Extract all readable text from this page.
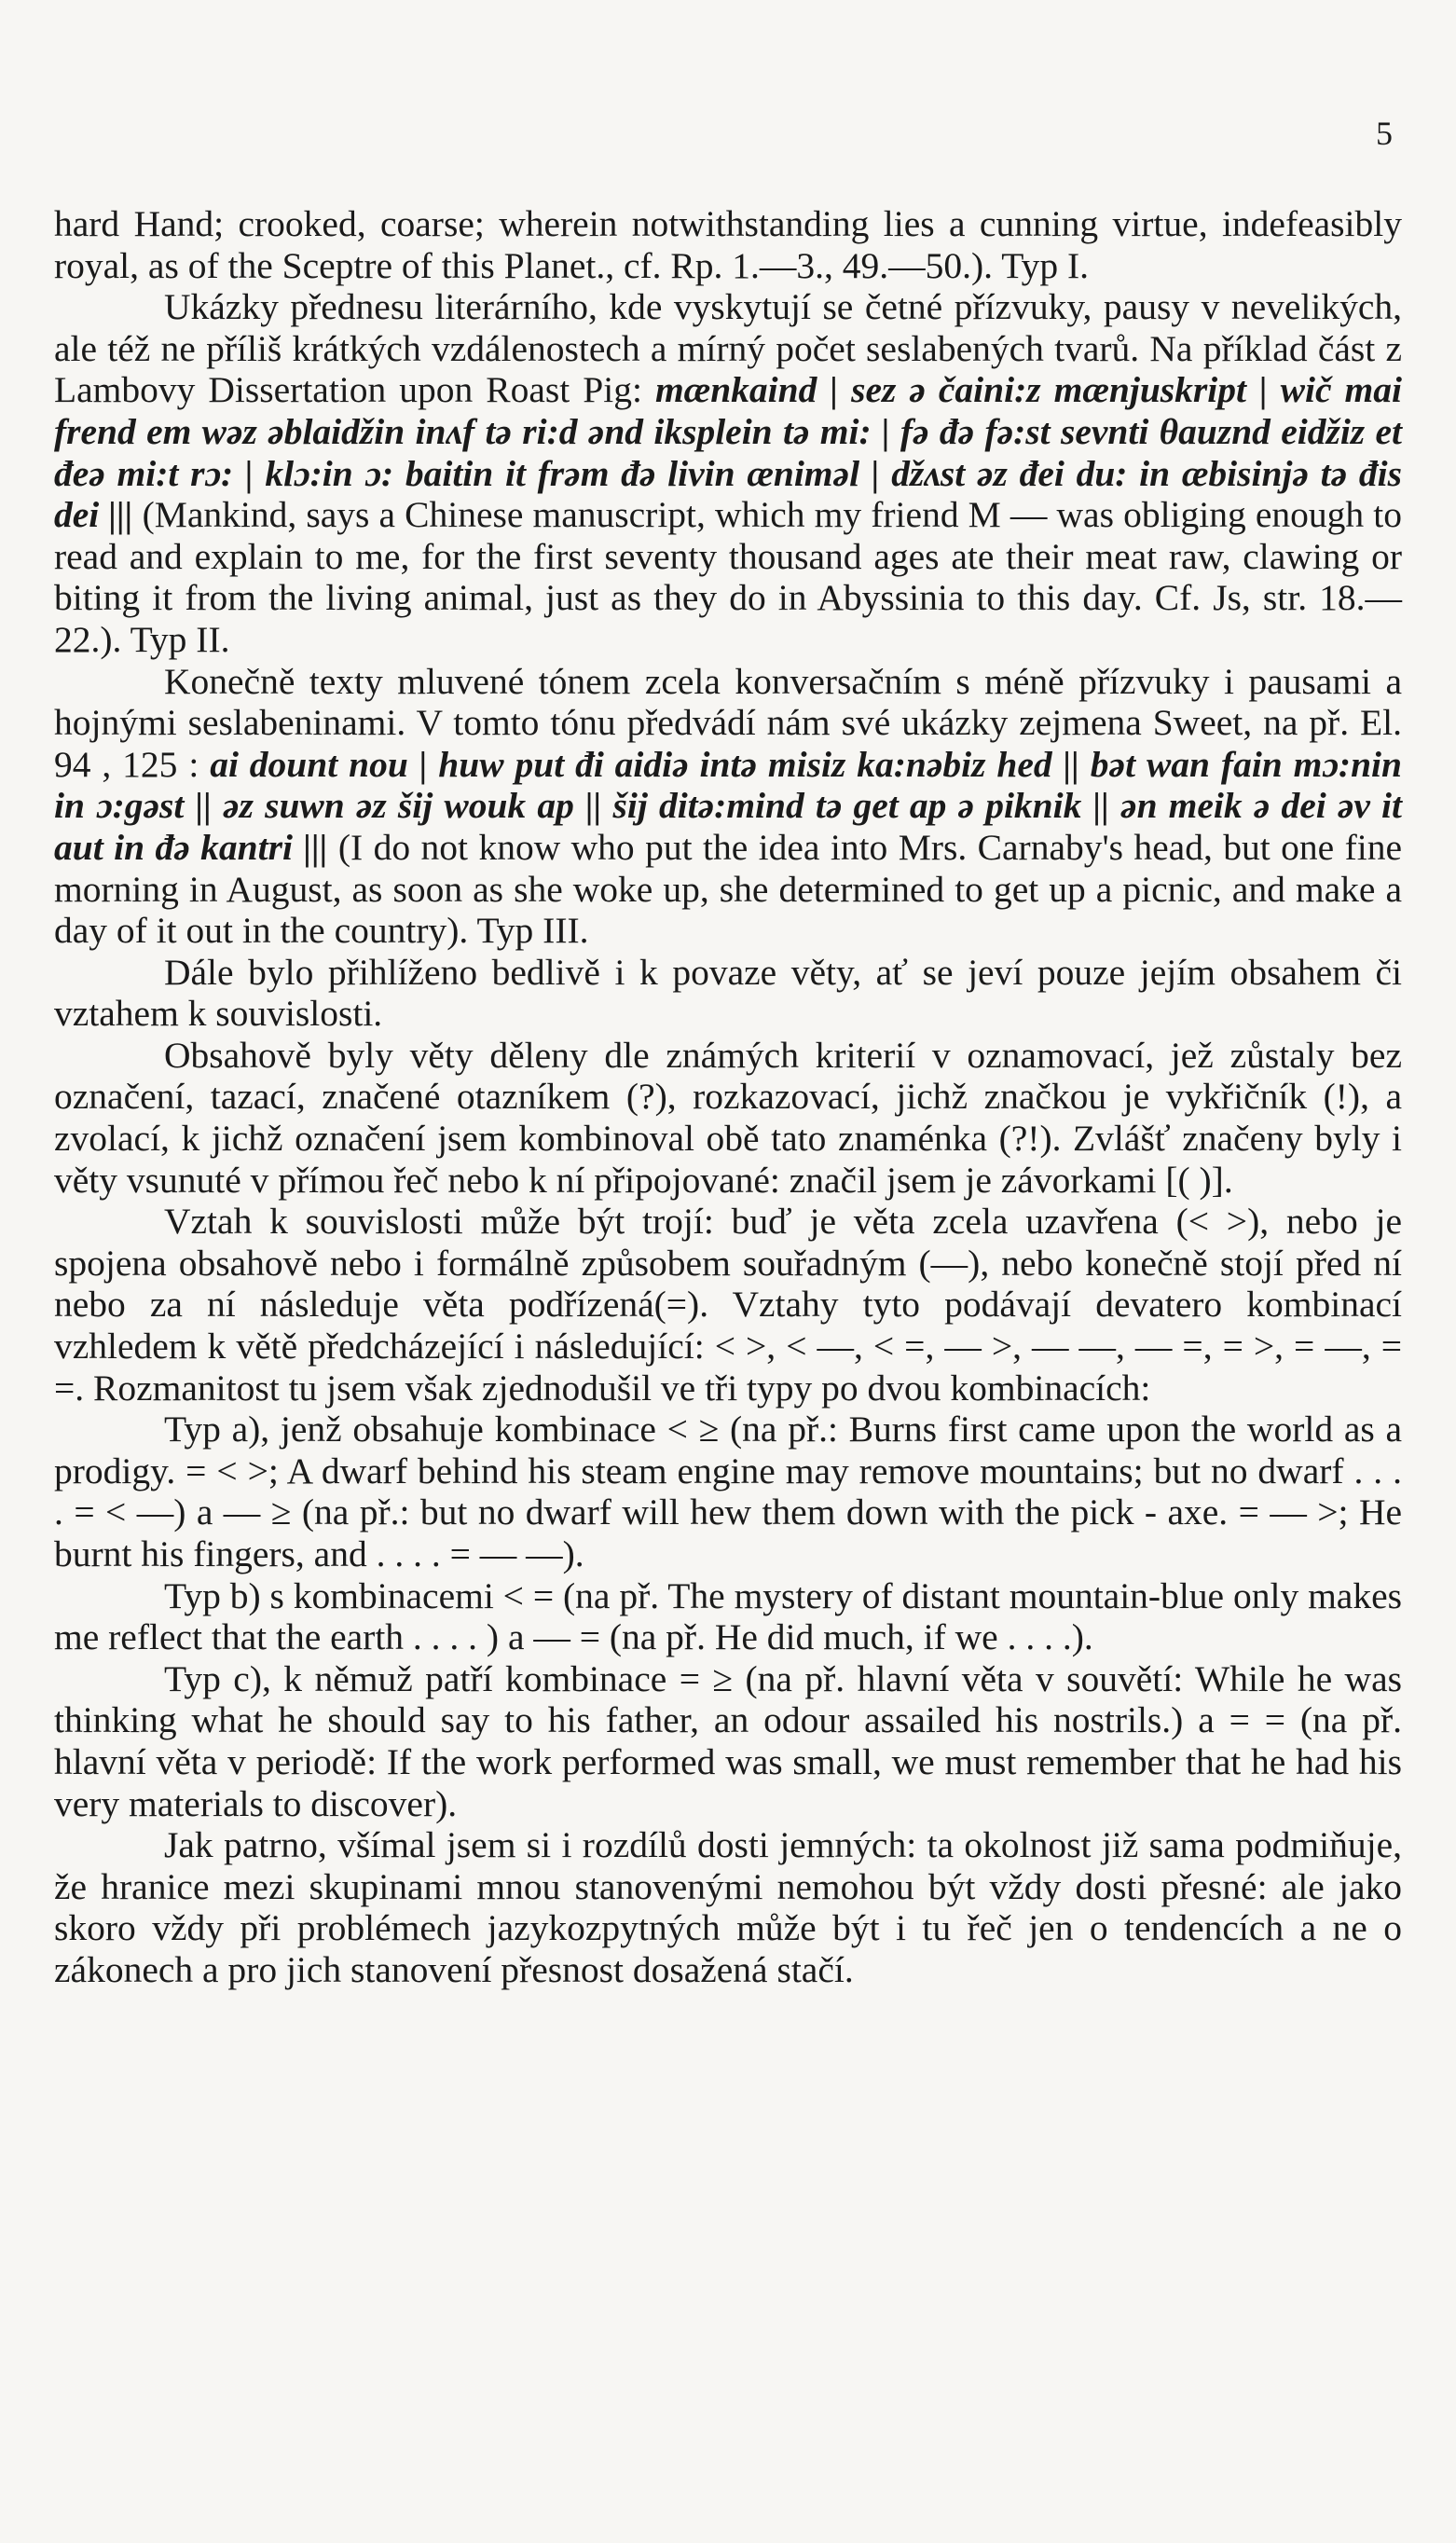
5

hard Hand; crooked, coarse; wherein notwithstanding lies a cunning virtue, indefeasibly royal, as of the Sceptre of this Planet., cf. Rp. 1.—3., 49.—50.). Typ I.

Ukázky přednesu literárního, kde vyskytují se četné přízvuky, pausy v nevelikých, ale též ne příliš krátkých vzdálenostech a mírný počet seslabených tvarů. Na příklad část z Lambovy Dissertation upon Roast Pig: mænkaind | sez ə čaini:z mænjuskript | wič mai frend em wəz əblaidžin inʌf tə ri:d ənd iksplein tə mi: | fə đə fə:st sevnti θauznd eidžiz et đeə mi:t rɔ: | klɔ:in ɔ: baitin it frəm đə livin ænimǝl | džʌst əz đei du: in æbisinjə tə đis dei ||| (Mankind, says a Chinese manuscript, which my friend M — was obliging enough to read and explain to me, for the first seventy thousand ages ate their meat raw, clawing or biting it from the living animal, just as they do in Abyssinia to this day. Cf. Js, str. 18.—22.). Typ II.

Konečně texty mluvené tónem zcela konversačním s méně přízvuky i pausami a hojnými seslabeninami. V tomto tónu předvádí nám své ukázky zejmena Sweet, na př. El. 94 , 125 : ai dount nou | huw put đi aidiə intə misiz ka:nəbiz hed || bət wan fain mɔ:nin in ɔ:gəst || əz suwn əz šij wouk ap || šij ditə:mind tə get ap ə piknik || ən meik ə dei əv it aut in đə kantri ||| (I do not know who put the idea into Mrs. Carnaby's head, but one fine morning in August, as soon as she woke up, she determined to get up a picnic, and make a day of it out in the country). Typ III.

Dále bylo přihlíženo bedlivě i k povaze věty, ať se jeví pouze jejím obsahem či vztahem k souvislosti.

Obsahově byly věty děleny dle známých kriterií v oznamovací, jež zůstaly bez označení, tazací, značené otazníkem (?), rozkazovací, jichž značkou je vykřičník (!), a zvolací, k jichž označení jsem kombinoval obě tato znaménka (?!). Zvlášť značeny byly i věty vsunuté v přímou řeč nebo k ní připojované: značil jsem je závorkami [( )].

Vztah k souvislosti může být trojí: buď je věta zcela uzavřena (< >), nebo je spojena obsahově nebo i formálně způsobem souřadným (—), nebo konečně stojí před ní nebo za ní následuje věta podřízená(=). Vztahy tyto podávají devatero kombinací vzhledem k větě předcházející i následující: < >, < —, < =, — >, — —, — =, = >, = —, = =. Rozmanitost tu jsem však zjednodušil ve tři typy po dvou kombinacích:

Typ a), jenž obsahuje kombinace < ≥ (na př.: Burns first came upon the world as a prodigy. = < >; A dwarf behind his steam engine may remove mountains; but no dwarf . . . . = < —) a — ≥ (na př.: but no dwarf will hew them down with the pick - axe. = — >; He burnt his fingers, and . . . . = — —).

Typ b) s kombinacemi < = (na př. The mystery of distant mountain-blue only makes me reflect that the earth . . . . ) a — = (na př. He did much, if we . . . .).

Typ c), k němuž patří kombinace = ≥ (na př. hlavní věta v souvětí: While he was thinking what he should say to his father, an odour assailed his nostrils.) a = = (na př. hlavní věta v periodě: If the work performed was small, we must remember that he had his very materials to discover).

Jak patrno, všímal jsem si i rozdílů dosti jemných: ta okolnost již sama podmiňuje, že hranice mezi skupinami mnou stanovenými nemohou být vždy dosti přesné: ale jako skoro vždy při problémech jazykozpytných může být i tu řeč jen o tendencích a ne o zákonech a pro jich stanovení přesnost dosažená stačí.
